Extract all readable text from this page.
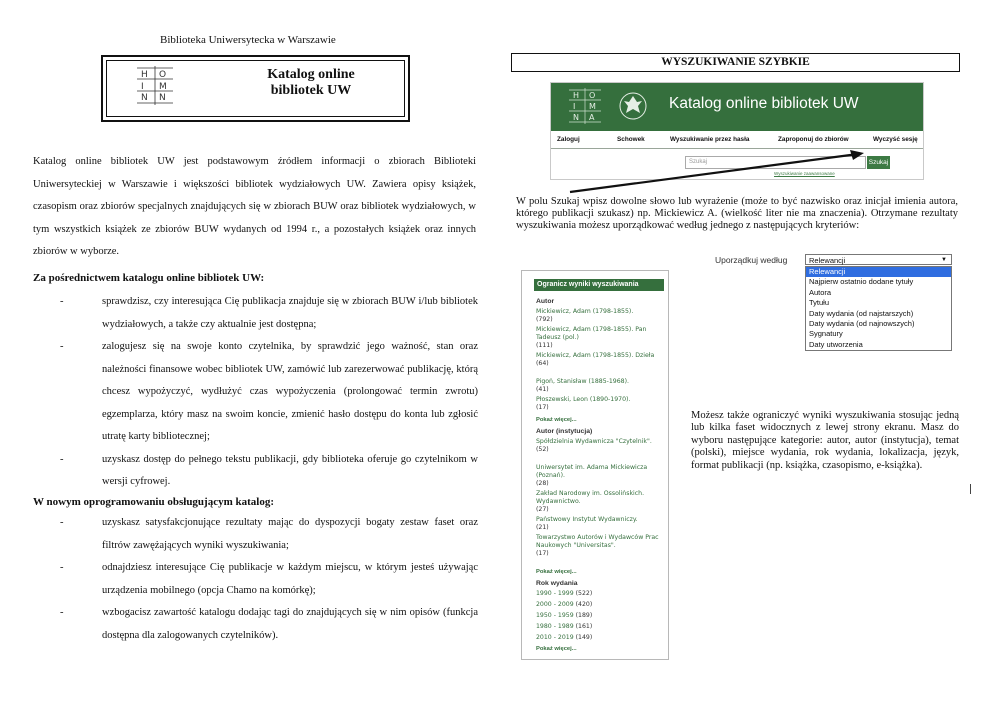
Biblioteka Uniwersytecka w Warszawie
H O
I M
N N
Katalog online
bibliotek UW
Katalog online bibliotek UW jest podstawowym źródłem informacji o zbiorach Biblioteki Uniwersyteckiej w Warszawie i większości bibliotek wydziałowych UW. Zawiera opisy książek, czasopism oraz zbiorów specjalnych znajdujących się w zbiorach BUW oraz bibliotek wydziałowych, w tym wszystkich książek ze zbiorów BUW wydanych od 1994 r., a pozostałych książek oraz innych zbiorów w wyborze.
Za pośrednictwem katalogu online bibliotek UW:
-	sprawdzisz, czy interesująca Cię publikacja znajduje się w zbiorach BUW i/lub bibliotek wydziałowych, a także czy aktualnie jest dostępna;
-	zalogujesz się na swoje konto czytelnika, by sprawdzić jego ważność, stan oraz należności finansowe wobec bibliotek UW, zamówić lub zarezerwować publikację, którą chcesz wypożyczyć, wydłużyć czas wypożyczenia (prolongować termin zwrotu) egzemplarza, który masz na swoim koncie, zmienić hasło dostępu do konta lub zgłosić utratę karty bibliotecznej;
-	uzyskasz dostęp do pełnego tekstu publikacji, gdy biblioteka oferuje go czytelnikom w wersji cyfrowej.
W nowym oprogramowaniu obsługującym katalog:
-	uzyskasz satysfakcjonujące rezultaty mając do dyspozycji bogaty zestaw faset oraz filtrów zawężających wyniki wyszukiwania;
-	odnajdziesz interesujące Cię publikacje w każdym miejscu, w którym jesteś używając urządzenia mobilnego (opcja Chamo na komórkę);
-	wzbogacisz zawartość katalogu dodając tagi do znajdujących się w nim opisów (funkcja dostępna dla zalogowanych czytelników).
WYSZUKIWANIE SZYBKIE
H O
I M
N A
Katalog online bibliotek UW
Zaloguj	Schowek	Wyszukiwanie przez hasła	Zaproponuj do zbiorów	Wyczyść sesję
Szukaj	Szukaj
Wyszukiwanie zaawansowane
W polu Szukaj wpisz dowolne słowo lub wyrażenie (może to być nazwisko oraz inicjał imienia autora, którego publikacji szukasz) np. Mickiewicz A. (wielkość liter nie ma znaczenia). Otrzymane rezultaty wyszukiwania możesz uporządkować według jednego z następujących kryteriów:
Uporządkuj według	Relewancji	▼
Relewancji
Najpierw ostatnio dodane tytuły
Autora
Tytułu
Daty wydania (od najstarszych)
Daty wydania (od najnowszych)
Sygnatury
Daty utworzenia
Ogranicz wyniki wyszukiwania
Autor
Mickiewicz, Adam (1798-1855).
(792)
Mickiewicz, Adam (1798-1855). Pan Tadeusz (pol.)
(111)
Mickiewicz, Adam (1798-1855). Dzieła
(64)
Pigoń, Stanisław (1885-1968).
(41)
Płoszewski, Leon (1890-1970).
(17)
Pokaż więcej...
Autor (instytucja)
Spółdzielnia Wydawnicza "Czytelnik".
(52)
Uniwersytet im. Adama Mickiewicza (Poznań).
(28)
Zakład Narodowy im. Ossolińskich. Wydawnictwo.
(27)
Państwowy Instytut Wydawniczy.
(21)
Towarzystwo Autorów i Wydawców Prac Naukowych "Universitas".
(17)
Pokaż więcej...
Rok wydania
1990 - 1999 (522)
2000 - 2009 (420)
1950 - 1959 (189)
1980 - 1989 (161)
2010 - 2019 (149)
Pokaż więcej...
Możesz także ograniczyć wyniki wyszukiwania stosując jedną lub kilka faset widocznych z lewej strony ekranu. Masz do wyboru następujące kategorie: autor, autor (instytucja), temat (polski), miejsce wydania, rok wydania, lokalizacja, język, format publikacji (np. książka, czasopismo, e-książka).
